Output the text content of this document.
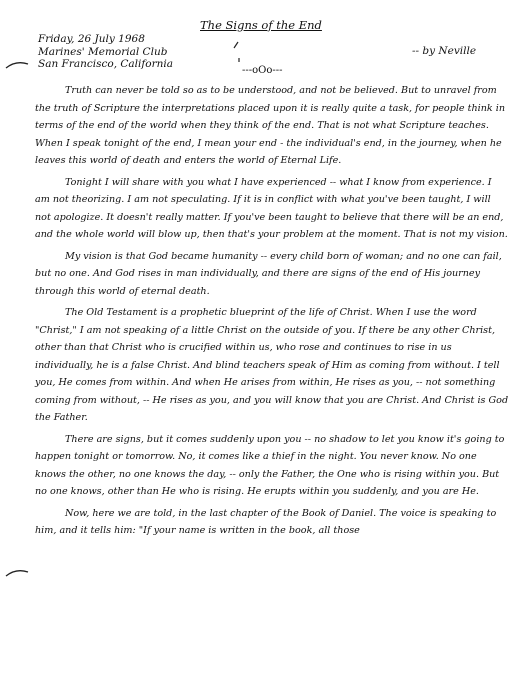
The Signs of the End
Friday, 26 July 1968
Marines' Memorial Club
San Francisco, California
-- by Neville
---oOo---

Truth can never be told so as to be understood, and not be believed. But to unravel from the truth of Scripture the interpretations placed upon it is really quite a task, for people think in terms of the end of the world when they think of the end. That is not what Scripture teaches. When I speak tonight of the end, I mean your end - the individual's end, in the journey, when he leaves this world of death and enters the world of Eternal Life.

Tonight I will share with you what I have experienced -- what I know from experience. I am not theorizing. I am not speculating. If it is in conflict with what you've been taught, I will not apologize. It doesn't really matter. If you've been taught to believe that there will be an end, and the whole world will blow up, then that's your problem at the moment. That is not my vision.

My vision is that God became humanity -- every child born of woman; and no one can fail, but no one. And God rises in man individually, and there are signs of the end of His journey through this world of eternal death.

The Old Testament is a prophetic blueprint of the life of Christ. When I use the word "Christ," I am not speaking of a little Christ on the outside of you. If there be any other Christ, other than that Christ who is crucified within us, who rose and continues to rise in us individually, he is a false Christ. And blind teachers speak of Him as coming from without. I tell you, He comes from within. And when He arises from within, He rises as you, -- not something coming from without, -- He rises as you, and you will know that you are Christ. And Christ is God the Father.

There are signs, but it comes suddenly upon you -- no shadow to let you know it's going to happen tonight or tomorrow. No, it comes like a thief in the night. You never know. No one knows the other, no one knows the day, -- only the Father, the One who is rising within you. But no one knows, other than He who is rising. He erupts within you suddenly, and you are He.

Now, here we are told, in the last chapter of the Book of Daniel. The voice is speaking to him, and it tells him: "If your name is written in the book, all those
